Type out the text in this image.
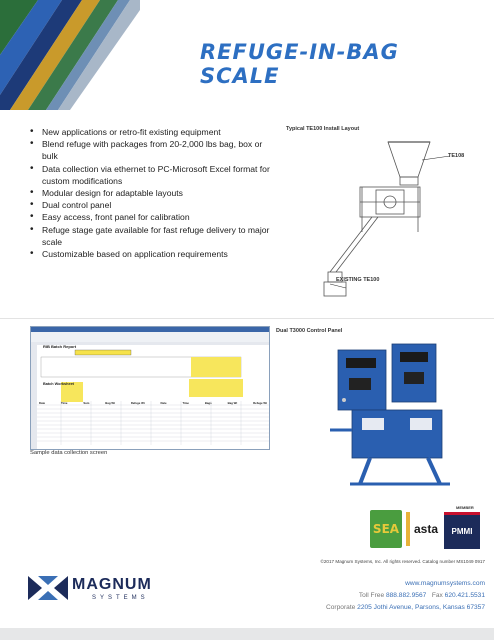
REFUGE-IN-BAG SCALE
• New applications or retro-fit existing equipment
• Blend refuge with packages from 20-2,000 lbs bag, box or bulk
• Data collection via ethernet to PC-Microsoft Excel format for custom modifications
• Modular design for adaptable layouts
• Dual control panel
• Easy access, front panel for calibration
• Refuge stage gate available for fast refuge delivery to major scale
• Customizable based on application requirements
Typical TE100 Install Layout
TE108
EXISTING TE100
RIB Batch Report
Batch Worksheet
Date	Time	Sum	Bag Wt	Refuge Wt	Date	Time	Bags	Bag Wt	Refuge Wt
Sample data collection screen
Dual T3000 Control Panel
MEMBER
SEA	asta	PMMI
©2017 Magnum Systems, Inc. All rights reserved. Catalog number MS1049 0917
MAGNUM
SYSTEMS
www.magnumsystems.com
Toll Free 888.882.9567 Fax 620.421.5531
Corporate 2205 Jothi Avenue, Parsons, Kansas 67357
